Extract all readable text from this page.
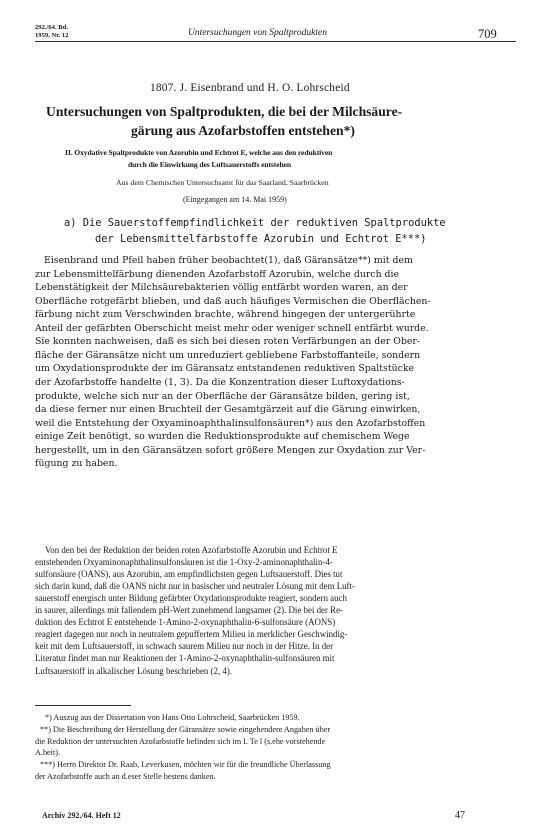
292./64. Bd.
1959, Nr. 12	Untersuchungen von Spaltprodukten	709
1807. J. Eisenbrand und H. O. Lohrscheid
Untersuchungen von Spaltprodukten, die bei der Milchsäure-
gärung aus Azofarbstoffen entstehen*)
II. Oxydative Spaltprodukte von Azorubin und Echtrot E, welche aus den reduktiven
durch die Einwirkung des Luftsauerstoffs entstehen
Aus dem Chemischen Untersuchsamt für das Saarland, Saarbrücken
(Eingegangen am 14. Mai 1959)
a) Die Sauerstoffempfindlichkeit der reduktiven Spaltprodukte
der Lebensmittelfarbstoffe Azorubin und Echtrot E***)
Eisenbrand und Pfeil haben früher beobachtet(1), daß Gäransätze**) mit dem
zur Lebensmittelfärbung dienenden Azofarbstoff Azorubin, welche durch die
Lebenstätigkeit der Milchsäurebakterien völlig entfärbt worden waren, an der
Oberfläche rotgefärbt blieben, und daß auch häufiges Vermischen die Oberflächen-
färbung nicht zum Verschwinden brachte, während hingegen der untergerührte
Anteil der gefärbten Oberschicht meist mehr oder weniger schnell entfärbt wurde.
Sie konnten nachweisen, daß es sich bei diesen roten Verfärbungen an der Ober-
fläche der Gäransätze nicht um unreduziert gebliebene Farbstoffanteile, sondern
um Oxydationsprodukte der im Gäransatz entstandenen reduktiven Spaltstücke
der Azofarbstoffe handelte (1, 3). Da die Konzentration dieser Luftoxydations-
produkte, welche sich nur an der Oberfläche der Gäransätze bilden, gering ist,
da diese ferner nur einen Bruchteil der Gesamtgärzeit auf die Gärung einwirken,
weil die Entstehung der Oxyaminoaphthalinsulfonsäuren*) aus den Azofarbstoffen
einige Zeit benötigt, so wurden die Reduktionsprodukte auf chemischem Wege
hergestellt, um in den Gäransätzen sofort größere Mengen zur Oxydation zur Ver-
fügung zu haben.
Von den bei der Reduktion der beiden roten Azofarbstoffe Azorubin und Echtrot E
entstehenden Oxyaminonaphthalinsulfonsäuren ist die 1-Oxy-2-aminonaphthalin-4-
sulfonsäure (OANS), aus Azorubin, am empfindlichsten gegen Luftsauerstoff. Dies tut
sich darin kund, daß die OANS nicht nur in basischer und neutraler Lösung mit dem Luft-
sauerstoff energisch unter Bildung gefärbter Oxydationsprodukte reagiert, sondern auch
in saurer, allerdings mit fallendem pH-Wert zunehmend langsamer (2). Die bei der Re-
duktion des Echtrot E entstehende 1-Amino-2-oxynaphthalin-6-sulfonsäure (AONS)
reagiert dagegen nur noch in neutralem gepuffertem Milieu in merklicher Geschwindig-
keit mit dem Luftsauerstoff, in schwach saurem Milieu nur noch in der Hitze. In der
Literatur findet man nur Reaktionen der 1-Amino-2-oxynaphthalin-sulfonsäuren mit
Luftsauerstoff in alkalischer Lösung beschrieben (2, 4).
*) Auszug aus der Dissertation von Hans Otto Lohrscheid, Saarbrücken 1959.
**) Die Beschreibung der Herstellung der Gäransätze sowie eingehendere Angaben über
die Reduktion der untersuchten Azofarbstoffe befinden sich im I. Te l (s.ehe vorstehende
A.beit).
***) Herrn Direktor Dr. Raab, Leverkusen, möchten wir für die freundliche Überlassung
der Azofarbstoffe auch an d.eser Stelle bestens danken.
Archiv 292./64. Heft 12	47
